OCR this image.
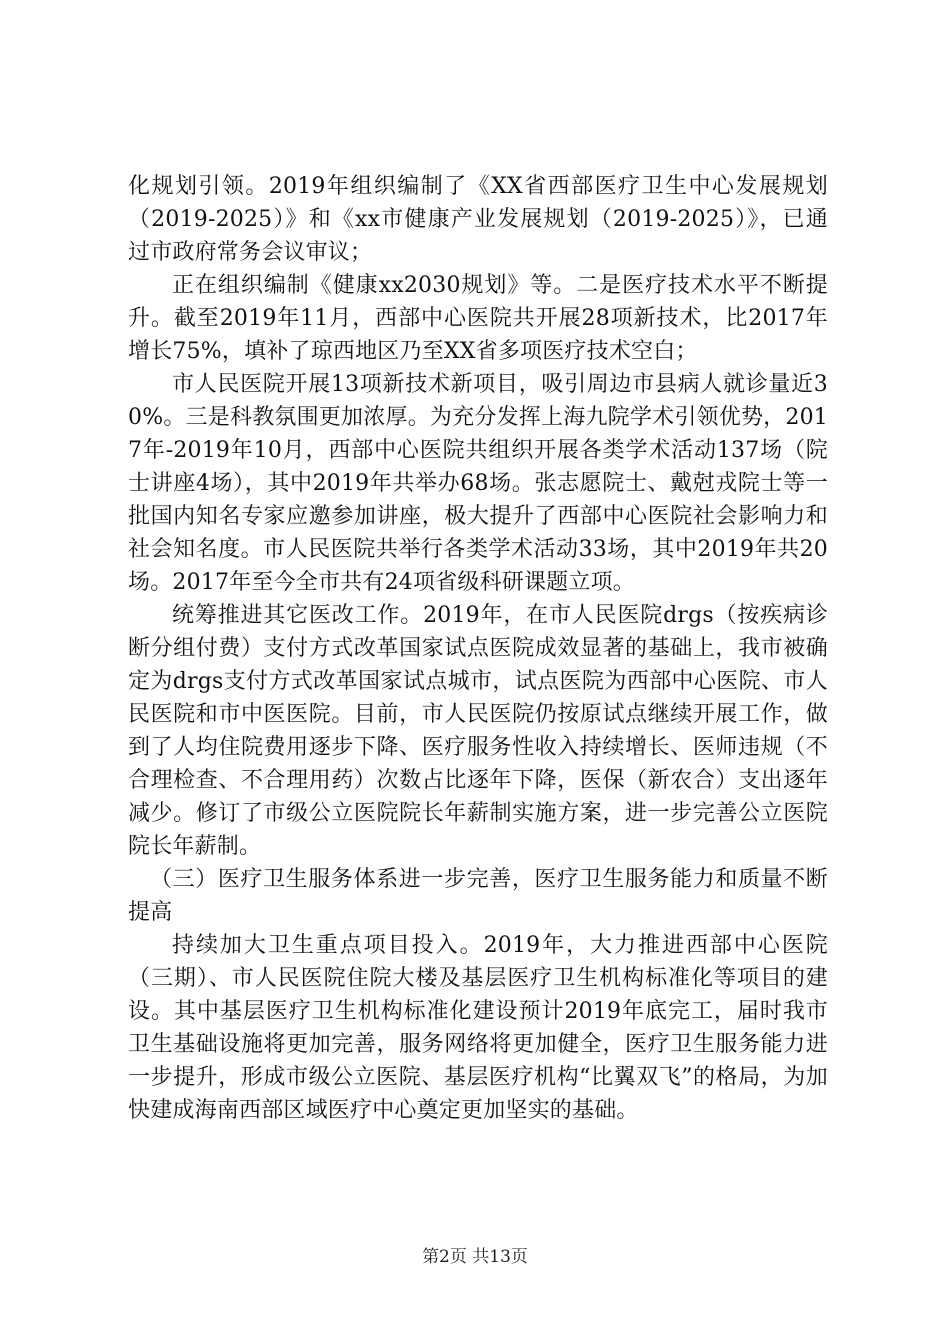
化规划引领。2019年组织编制了《XX省西部医疗卫生中心发展规划（2019-2025）》和《xx市健康产业发展规划（2019-2025）》，已通过市政府常务会议审议；

正在组织编制《健康xx2030规划》等。二是医疗技术水平不断提升。截至2019年11月，西部中心医院共开展28项新技术，比2017年增长75%，填补了琼西地区乃至XX省多项医疗技术空白；

市人民医院开展13项新技术新项目，吸引周边市县病人就诊量近30%。三是科教氛围更加浓厚。为充分发挥上海九院学术引领优势，2017年-2019年10月，西部中心医院共组织开展各类学术活动137场（院士讲座4场），其中2019年共举办68场。张志愿院士、戴尅戎院士等一批国内知名专家应邀参加讲座，极大提升了西部中心医院社会影响力和社会知名度。市人民医院共举行各类学术活动33场，其中2019年共20场。2017年至今全市共有24项省级科研课题立项。

统筹推进其它医改工作。2019年，在市人民医院drgs（按疾病诊断分组付费）支付方式改革国家试点医院成效显著的基础上，我市被确定为drgs支付方式改革国家试点城市，试点医院为西部中心医院、市人民医院和市中医医院。目前，市人民医院仍按原试点继续开展工作，做到了人均住院费用逐步下降、医疗服务性收入持续增长、医师违规（不合理检查、不合理用药）次数占比逐年下降，医保（新农合）支出逐年减少。修订了市级公立医院院长年薪制实施方案，进一步完善公立医院院长年薪制。

（三）医疗卫生服务体系进一步完善，医疗卫生服务能力和质量不断提高

持续加大卫生重点项目投入。2019年，大力推进西部中心医院（三期）、市人民医院住院大楼及基层医疗卫生机构标准化等项目的建设。其中基层医疗卫生机构标准化建设预计2019年底完工，届时我市卫生基础设施将更加完善，服务网络将更加健全，医疗卫生服务能力进一步提升，形成市级公立医院、基层医疗机构“比翼双飞”的格局，为加快建成海南西部区域医疗中心奠定更加坚实的基础。

第2页 共13页
